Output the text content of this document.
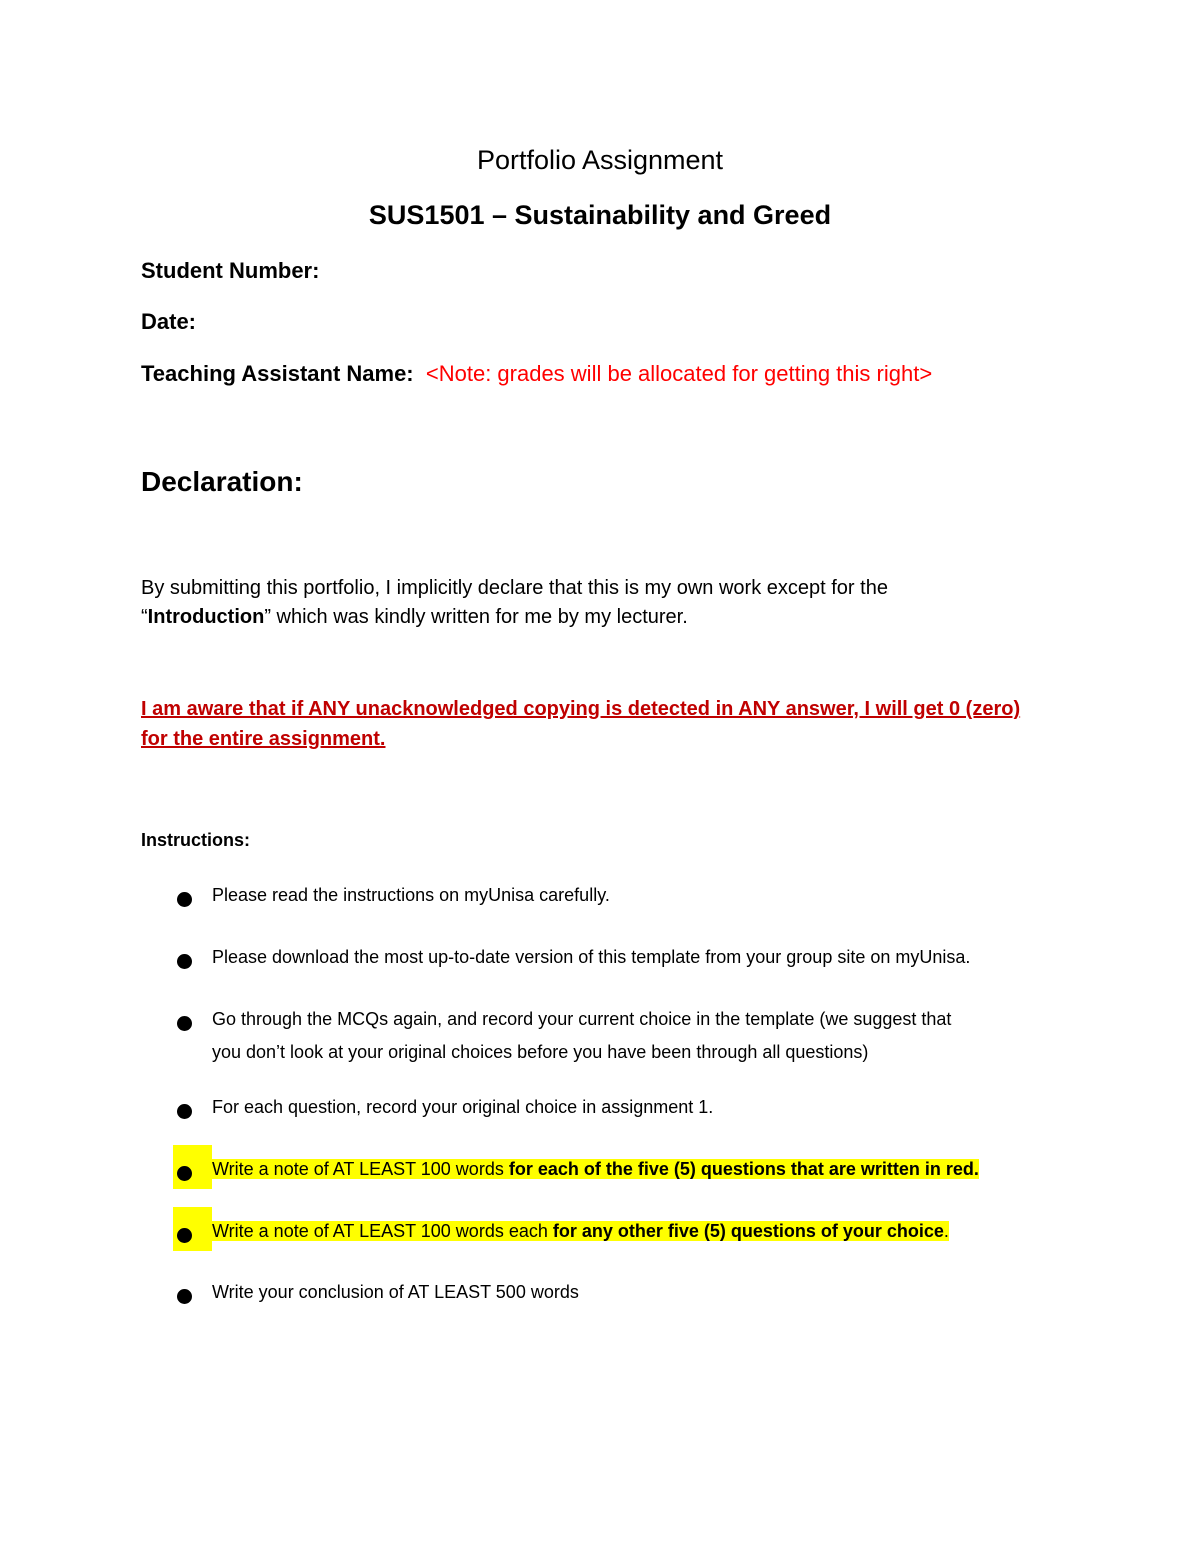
Portfolio Assignment
SUS1501 – Sustainability and Greed
Student Number:
Date:
Teaching Assistant Name: <Note: grades will be allocated for getting this right>
Declaration:
By submitting this portfolio, I implicitly declare that this is my own work except for the
“Introduction” which was kindly written for me by my lecturer.
I am aware that if ANY unacknowledged copying is detected in ANY answer, I will get 0 (zero)
for the entire assignment.
Instructions:
Please read the instructions on myUnisa carefully.
Please download the most up-to-date version of this template from your group site on myUnisa.
Go through the MCQs again, and record your current choice in the template (we suggest that
you don’t look at your original choices before you have been through all questions)
For each question, record your original choice in assignment 1.
Write a note of AT LEAST 100 words for each of the five (5) questions that are written in red.
Write a note of AT LEAST 100 words each for any other five (5) questions of your choice.
Write your conclusion of AT LEAST 500 words
